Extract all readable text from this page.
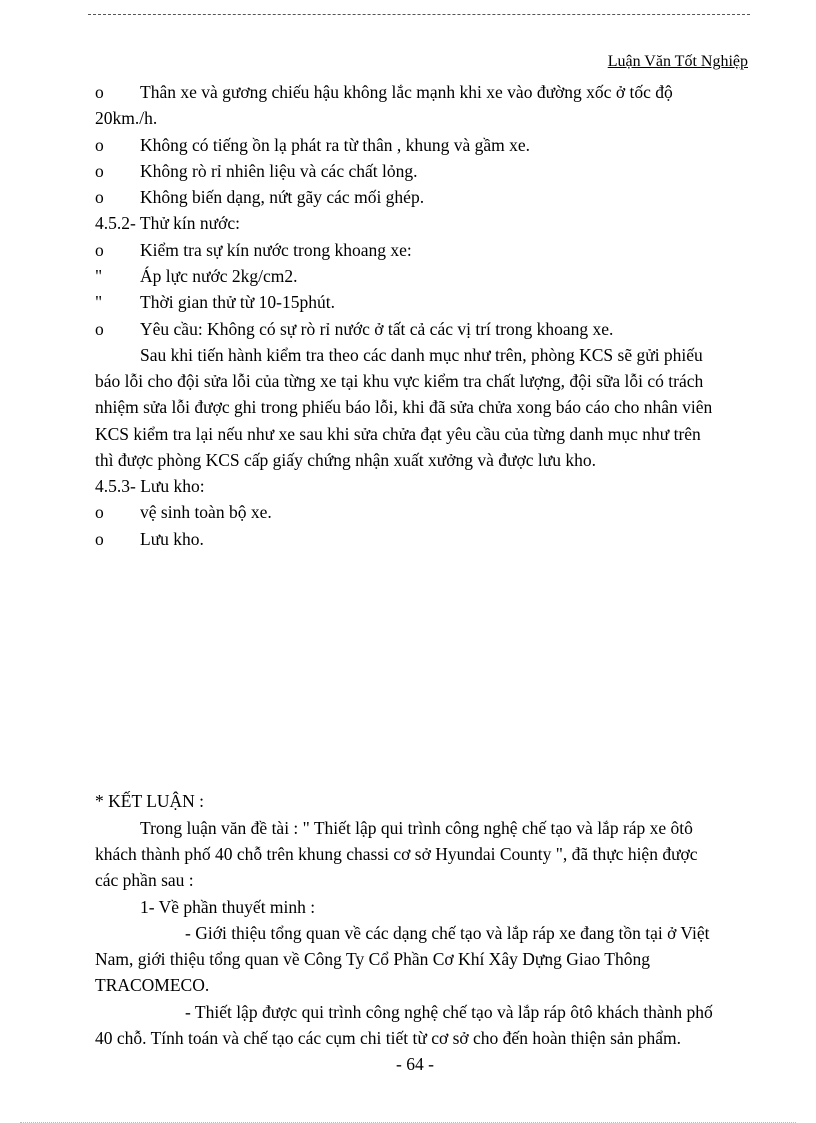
Luận Văn Tốt Nghiệp
o Thân xe và gương chiếu hậu không lắc mạnh khi xe vào đường xốc ở tốc độ
20km./h.
o Không có tiếng ồn lạ phát ra từ thân , khung và gầm xe.
o Không rò rỉ nhiên liệu và các chất lỏng.
o Không biến dạng, nứt gãy các mối ghép.
4.5.2- Thử kín nước:
o Kiểm tra sự kín nước trong khoang xe:
" Áp lực nước 2kg/cm2.
" Thời gian thử từ 10-15phút.
o Yêu cầu: Không có sự rò rỉ nước ở tất cả các vị trí trong khoang xe.
Sau khi tiến hành kiểm tra theo các danh mục như trên, phòng KCS sẽ gửi phiếu
báo lỗi cho đội sửa lỗi của từng xe tại khu vực kiểm tra chất lượng, đội sữa lỗi có trách
nhiệm sửa lỗi được ghi trong phiếu báo lỗi, khi đã sửa chửa xong báo cáo cho nhân viên
KCS kiểm tra lại nếu như xe sau khi sửa chửa đạt yêu cầu của từng danh mục như trên
thì được phòng KCS cấp giấy chứng nhận xuất xưởng và được lưu kho.
4.5.3- Lưu kho:
o vệ sinh toàn bộ xe.
o Lưu kho.
* KẾT LUẬN :
Trong luận văn đề tài : " Thiết lập qui trình công nghệ chế tạo và lắp ráp xe ôtô
khách thành phố 40 chỗ trên khung chassi cơ sở Hyundai County ", đã thực hiện được
các phần sau :
1- Về phần thuyết minh :
- Giới thiệu tổng quan về các dạng chế tạo và lắp ráp xe đang tồn tại ở Việt
Nam, giới thiệu tổng quan về Công Ty Cổ Phần Cơ Khí Xây Dựng Giao Thông
TRACOMECO.
- Thiết lập được qui trình công nghệ chế tạo và lắp ráp ôtô khách thành phố
40 chỗ. Tính toán và chế tạo các cụm chi tiết từ cơ sở cho đến hoàn thiện sản phẩm.
- 64 -
